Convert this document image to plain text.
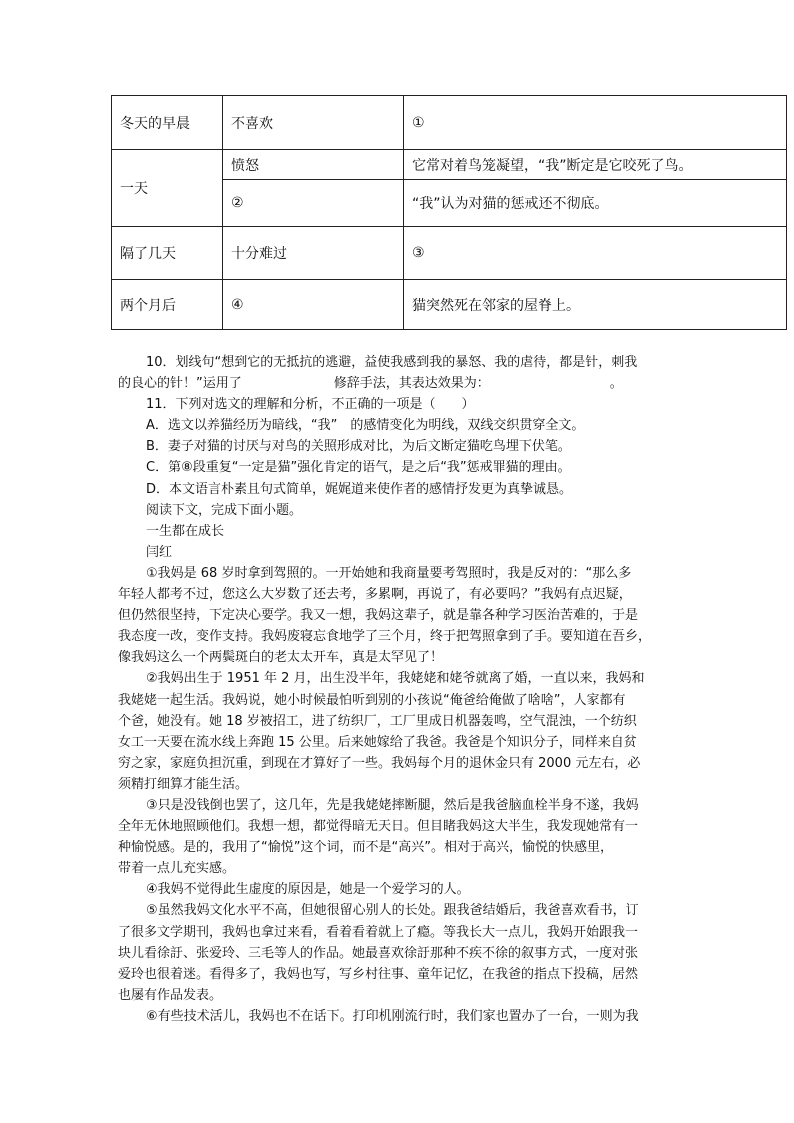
冬天的早晨	不喜欢	①
一天	愤怒	它常对着鸟笼凝望，“我”断定是它咬死了鸟。
	②	“我”认为对猫的惩戒还不彻底。
隔了几天	十分难过	③
两个月后	④	猫突然死在邻家的屋脊上。

10．划线句“想到它的无抵抗的逃避，益使我感到我的暴怒、我的虐待，都是针，刺我

的良心的针！”运用了	修辞手法，其表达效果为：	。

11．下列对选文的理解和分析，不正确的一项是（　　）

A．选文以养猫经历为暗线，“我”　的感情变化为明线，双线交织贯穿全文。

B．妻子对猫的讨厌与对鸟的关照形成对比，为后文断定猫吃鸟埋下伏笔。

C．第⑧段重复“一定是猫”强化肯定的语气，是之后“我”惩戒罪猫的理由。

D．本文语言朴素且句式简单，娓娓道来使作者的感情抒发更为真挚诚恳。

阅读下文，完成下面小题。

一生都在成长

闫红

①我妈是 68 岁时拿到驾照的。一开始她和我商量要考驾照时，我是反对的：“那么多

年轻人都考不过，您这么大岁数了还去考，多累啊，再说了，有必要吗？”我妈有点迟疑，

但仍然很坚持，下定决心要学。我又一想，我妈这辈子，就是靠各种学习医治苦难的，于是

我态度一改，变作支持。我妈废寝忘食地学了三个月，终于把驾照拿到了手。要知道在吾乡，

像我妈这么一个两鬓斑白的老太太开车，真是太罕见了！

②我妈出生于 1951 年 2 月，出生没半年，我姥姥和姥爷就离了婚，一直以来，我妈和

我姥姥一起生活。我妈说，她小时候最怕听到别的小孩说“俺爸给俺做了啥啥”，人家都有

个爸，她没有。她 18 岁被招工，进了纺织厂，工厂里成日机器轰鸣，空气混浊，一个纺织

女工一天要在流水线上奔跑 15 公里。后来她嫁给了我爸。我爸是个知识分子，同样来自贫

穷之家，家庭负担沉重，到现在才算好了一些。我妈每个月的退休金只有 2000 元左右，必

须精打细算才能生活。

③只是没钱倒也罢了，这几年，先是我姥姥摔断腿，然后是我爸脑血栓半身不遂，我妈

全年无休地照顾他们。我想一想，都觉得暗无天日。但目睹我妈这大半生，我发现她常有一

种愉悦感。是的，我用了“愉悦”这个词，而不是“高兴”。相对于高兴，愉悦的快感里，

带着一点儿充实感。

④我妈不觉得此生虚度的原因是，她是一个爱学习的人。

⑤虽然我妈文化水平不高，但她很留心别人的长处。跟我爸结婚后，我爸喜欢看书，订

了很多文学期刊，我妈也拿过来看，看着看着就上了瘾。等我长大一点儿，我妈开始跟我一

块儿看徐訏、张爱玲、三毛等人的作品。她最喜欢徐訏那种不疾不徐的叙事方式，一度对张

爱玲也很着迷。看得多了，我妈也写，写乡村往事、童年记忆，在我爸的指点下投稿，居然

也屡有作品发表。

⑥有些技术活儿，我妈也不在话下。打印机刚流行时，我们家也置办了一台，一则为我
